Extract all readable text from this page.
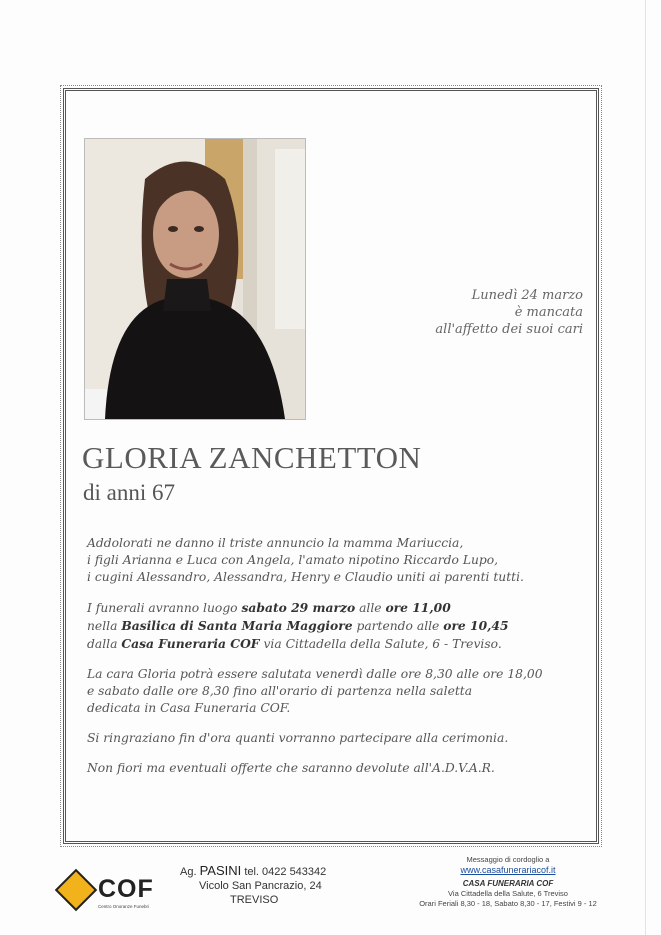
Lunedì 24 marzo
è mancata
all'affetto dei suoi cari
GLORIA ZANCHETTON
di anni 67
Addolorati ne danno il triste annuncio la mamma Mariuccia,
i figli Arianna e Luca con Angela, l'amato nipotino Riccardo Lupo,
i cugini Alessandro, Alessandra, Henry e Claudio uniti ai parenti tutti.
I funerali avranno luogo sabato 29 marzo alle ore 11,00
nella Basilica di Santa Maria Maggiore partendo alle ore 10,45
dalla Casa Funeraria COF via Cittadella della Salute, 6 - Treviso.
La cara Gloria potrà essere salutata venerdì dalle ore 8,30 alle ore 18,00
e sabato dalle ore 8,30 fino all'orario di partenza nella saletta
dedicata in Casa Funeraria COF.
Si ringraziano fin d'ora quanti vorranno partecipare alla cerimonia.
Non fiori ma eventuali offerte che saranno devolute all'A.D.V.A.R.
COF
Centro Onoranze Funebri
Ag. PASINI tel. 0422 543342
Vicolo San Pancrazio, 24
TREVISO
Messaggio di cordoglio a
www.casafunerariacof.it
CASA FUNERARIA COF
Via Cittadella della Salute, 6 Treviso
Orari Feriali 8,30 - 18, Sabato 8,30 - 17, Festivi 9 - 12
